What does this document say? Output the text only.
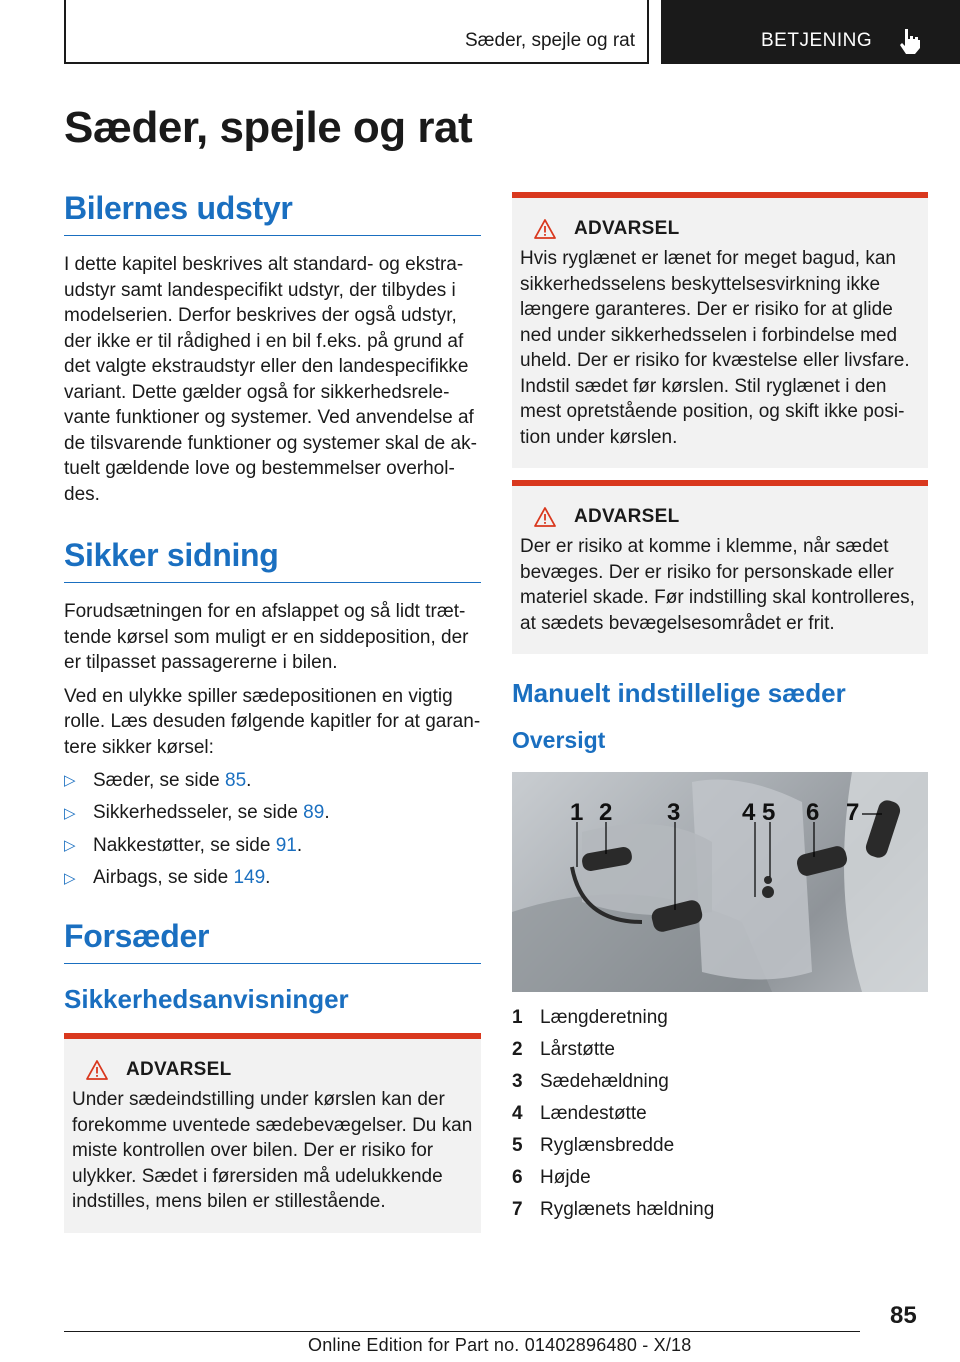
Sæder, spejle og rat	BETJENING
Sæder, spejle og rat
Bilernes udstyr

I dette kapitel beskrives alt standard- og ekstraudstyr samt landespecifikt udstyr, der tilbydes i modelserien. Derfor beskrives der også udstyr, der ikke er til rådighed i en bil f.eks. på grund af det valgte ekstraudstyr eller den landespecifikke variant. Dette gælder også for sikkerhedsrelevante funktioner og systemer. Ved anvendelse af de tilsvarende funktioner og systemer skal de aktuelt gældende love og bestemmelser overholdes.

Sikker sidning

Forudsætningen for en afslappet og så lidt trættende kørsel som muligt er en siddeposition, der er tilpasset passagererne i bilen.

Ved en ulykke spiller sædepositionen en vigtig rolle. Læs desuden følgende kapitler for at garantere sikker kørsel:

▷ Sæder, se side 85.
▷ Sikkerhedsseler, se side 89.
▷ Nakkestøtter, se side 91.
▷ Airbags, se side 149.
Forsæder
Sikkerhedsanvisninger
ADVARSEL

Under sædeindstilling under kørslen kan der forekomme uventede sædebevægelser. Du kan miste kontrollen over bilen. Der er risiko for ulykker. Sædet i førersiden må udelukkende indstilles, mens bilen er stillestående.

ADVARSEL

Hvis ryglænet er lænet for meget bagud, kan sikkerhedsselens beskyttelsesvirkning ikke længere garanteres. Der er risiko for at glide ned under sikkerhedsselen i forbindelse med uheld. Der er risiko for kvæstelse eller livsfare. Indstil sædet før kørslen. Stil ryglænet i den mest opretstående position, og skift ikke position under kørslen.

ADVARSEL

Der er risiko at komme i klemme, når sædet bevæges. Der er risiko for personskade eller materiel skade. Før indstilling skal kontrolleres, at sædets bevægelsesområdet er frit.

Manuelt indstillelige sæder
Oversigt
1 2 3	4 5 6 7
1 Længderetning
2 Lårstøtte
3 Sædehældning
4 Lændestøtte
5 Ryglænsbredde
6 Højde
7 Ryglænets hældning
85
Online Edition for Part no. 01402896480 - X/18
